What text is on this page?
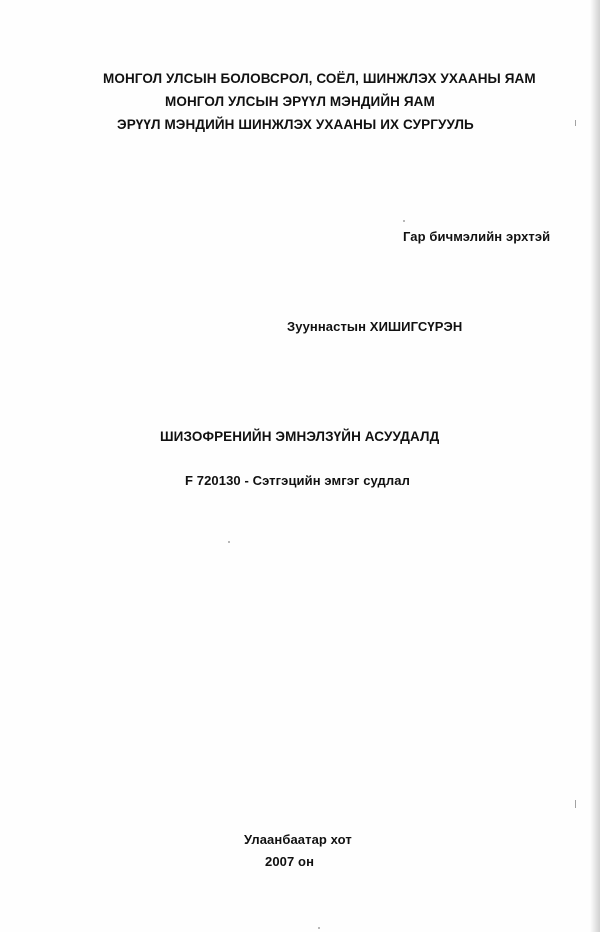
МОНГОЛ УЛСЫН БОЛОВСРОЛ, СОЁЛ, ШИНЖЛЭХ УХААНЫ ЯАМ

МОНГОЛ УЛСЫН ЭРҮҮЛ МЭНДИЙН ЯАМ

ЭРҮҮЛ МЭНДИЙН ШИНЖЛЭХ УХААНЫ ИХ СУРГУУЛЬ

Гар бичмэлийн эрхтэй

Зууннастын ХИШИГСҮРЭН

ШИЗОФРЕНИЙН ЭМНЭЛЗҮЙН АСУУДАЛД

F 720130 - Сэтгэцийн эмгэг судлал

Улаанбаатар хот

2007 он
